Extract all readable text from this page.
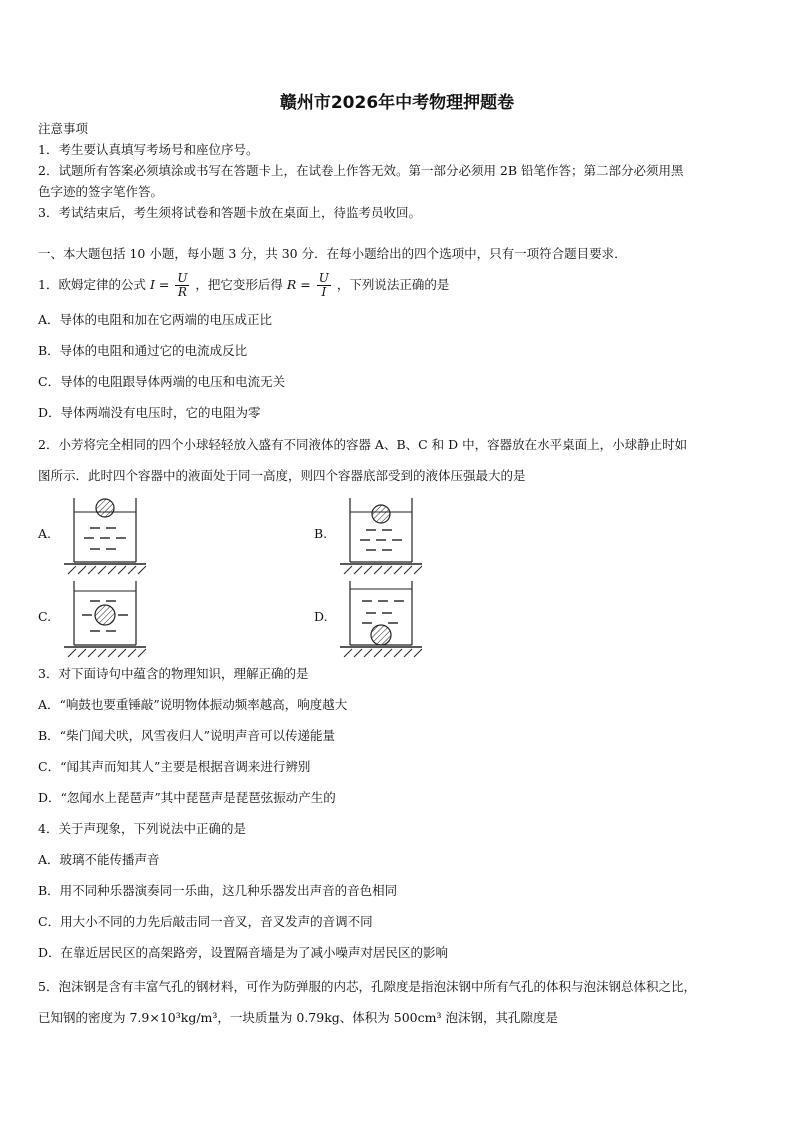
赣州市2026年中考物理押题卷
注意事项
1．考生要认真填写考场号和座位序号。
2．试题所有答案必须填涂或书写在答题卡上，在试卷上作答无效。第一部分必须用 2B 铅笔作答；第二部分必须用黑
色字迹的签字笔作答。
3．考试结束后，考生须将试卷和答题卡放在桌面上，待监考员收回。
一、本大题包括 10 小题，每小题 3 分，共 30 分．在每小题给出的四个选项中，只有一项符合题目要求．
1．欧姆定律的公式 $I = \frac{U}{R}$ ，把它变形后得 $R = \frac{U}{I}$ ，下列说法正确的是
A．导体的电阻和加在它两端的电压成正比
B．导体的电阻和通过它的电流成反比
C．导体的电阻跟导体两端的电压和电流无关
D．导体两端没有电压时，它的电阻为零
2．小芳将完全相同的四个小球轻轻放入盛有不同液体的容器 A、B、C 和 D 中，容器放在水平桌面上，小球静止时如
图所示．此时四个容器中的液面处于同一高度，则四个容器底部受到的液体压强最大的是
A.	B.
C.	D.
3．对下面诗句中蕴含的物理知识，理解正确的是
A．“响鼓也要重锤敲”说明物体振动频率越高，响度越大
B．“柴门闻犬吠，风雪夜归人”说明声音可以传递能量
C．“闻其声而知其人”主要是根据音调来进行辨别
D．“忽闻水上琵琶声”其中琵琶声是琵琶弦振动产生的
4．关于声现象，下列说法中正确的是
A．玻璃不能传播声音
B．用不同种乐器演奏同一乐曲，这几种乐器发出声音的音色相同
C．用大小不同的力先后敲击同一音叉，音叉发声的音调不同
D．在靠近居民区的高架路旁，设置隔音墙是为了减小噪声对居民区的影响
5．泡沫钢是含有丰富气孔的钢材料，可作为防弹服的内芯，孔隙度是指泡沫钢中所有气孔的体积与泡沫钢总体积之比，
已知钢的密度为 7.9×10³kg/m³，一块质量为 0.79kg、体积为 500cm³ 泡沫钢，其孔隙度是
